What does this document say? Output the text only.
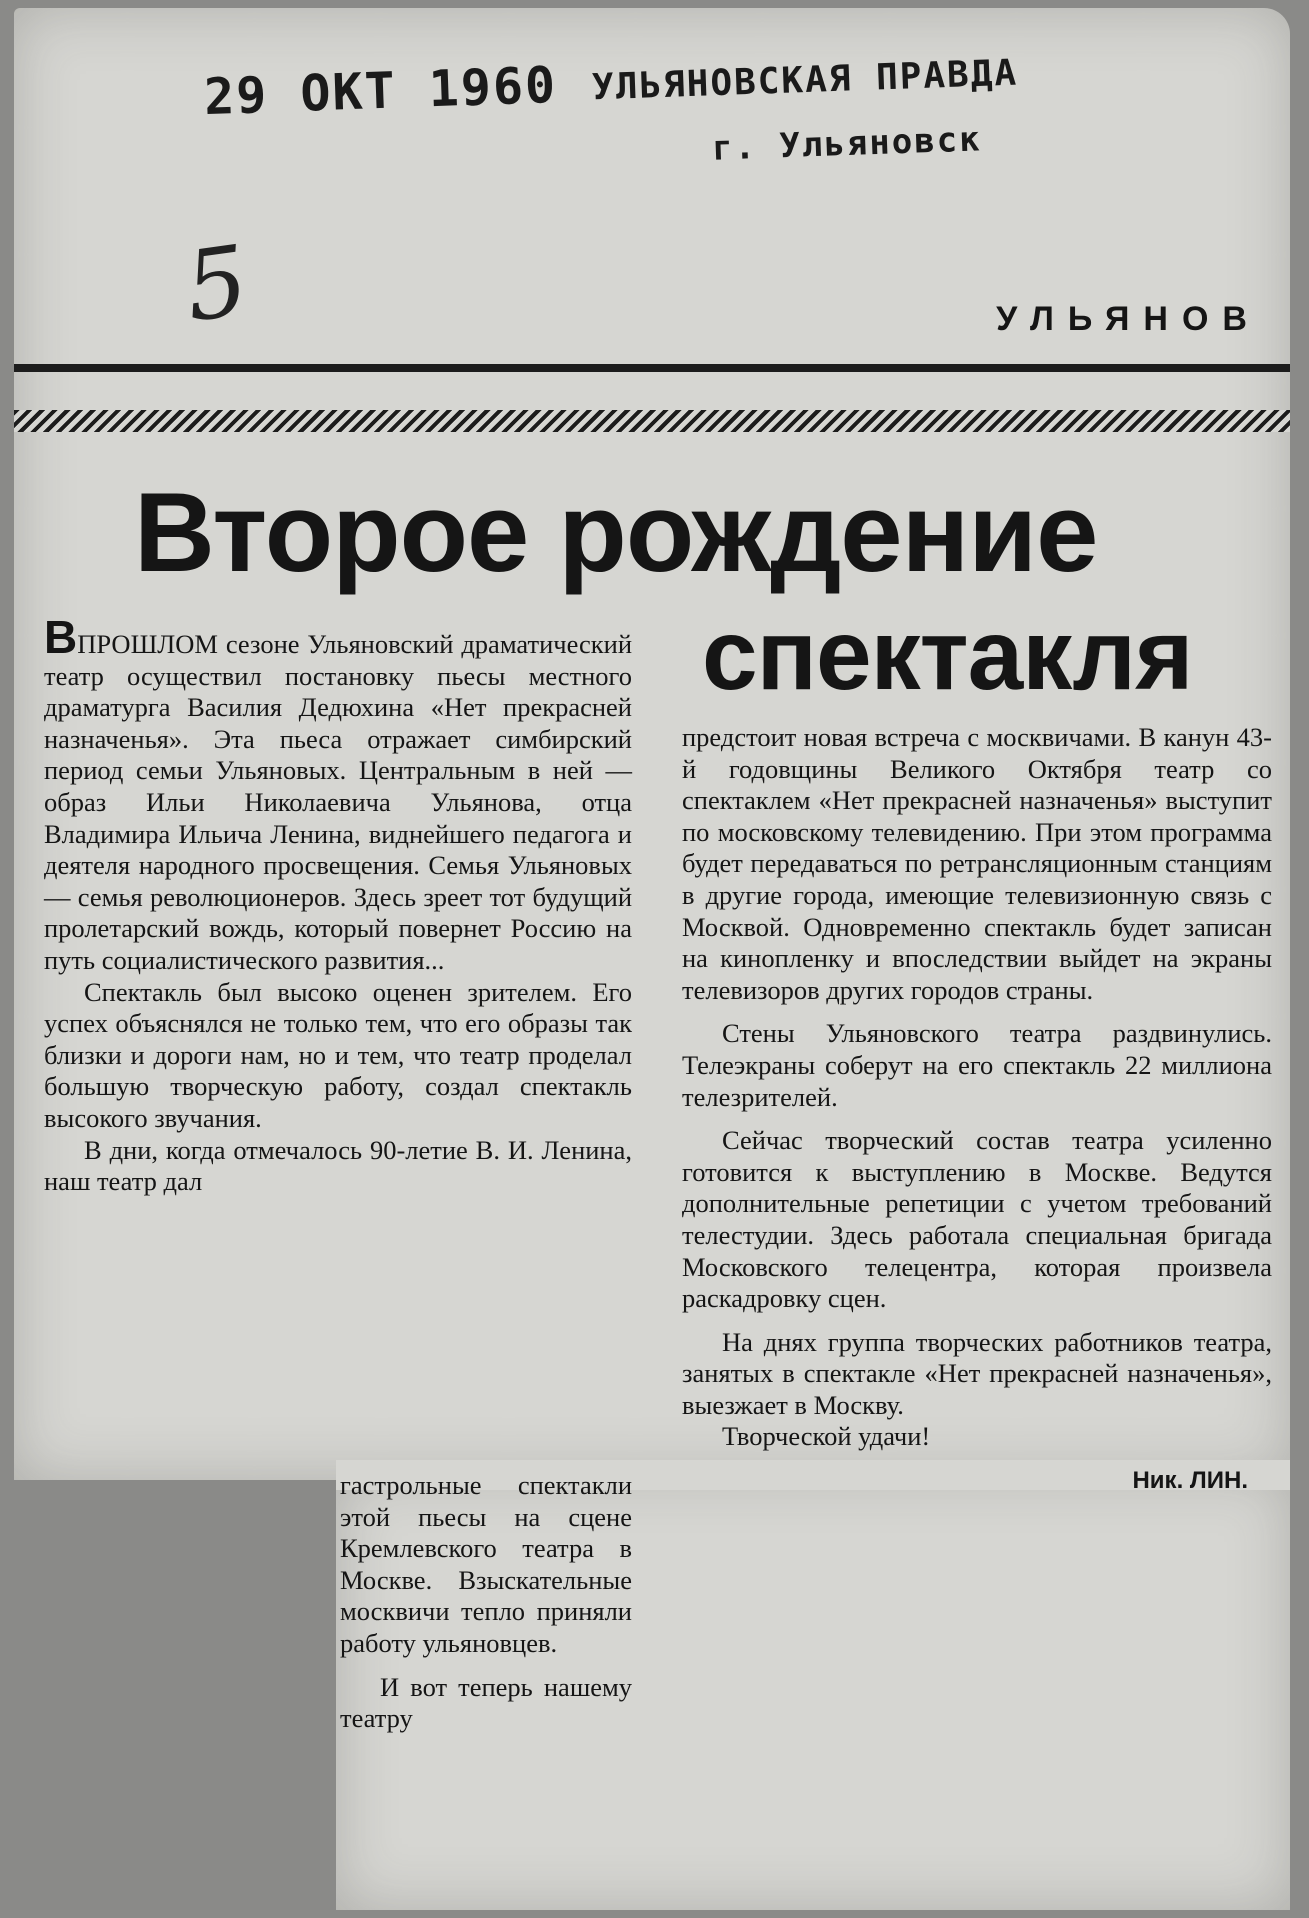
29 ОКТ 1960 УЛЬЯНОВСКАЯ ПРАВДА
г. Ульяновск
5	УЛЬЯНОВ
Второе рождение
спектакля

ВПРОШЛОМ сезоне Ульяновский драматический театр осуществил постановку пьесы местного драматурга Василия Дедюхина «Нет прекрасней назначенья». Эта пьеса отражает симбирский период семьи Ульяновых. Центральным в ней — образ Ильи Николаевича Ульянова, отца Владимира Ильича Ленина, виднейшего педагога и деятеля народного просвещения. Семья Ульяновых — семья революционеров. Здесь зреет тот будущий пролетарский вождь, который повернет Россию на путь социалистического развития...

Спектакль был высоко оценен зрителем. Его успех объяснялся не только тем, что его образы так близки и дороги нам, но и тем, что театр проделал большую творческую работу, создал спектакль высокого звучания.

В дни, когда отмечалось 90-летие В. И. Ленина, наш театр дал

гастрольные спектакли этой пьесы на сцене Кремлевского театра в Москве. Взыскательные москвичи тепло приняли работу ульяновцев.

И вот теперь нашему театру

предстоит новая встреча с москвичами. В канун 43-й годовщины Великого Октября театр со спектаклем «Нет прекрасней назначенья» выступит по московскому телевидению. При этом программа будет передаваться по ретрансляционным станциям в другие города, имеющие телевизионную связь с Москвой. Одновременно спектакль будет записан на кинопленку и впоследствии выйдет на экраны телевизоров других городов страны.

Стены Ульяновского театра раздвинулись. Телеэкраны соберут на его спектакль 22 миллиона телезрителей.

Сейчас творческий состав театра усиленно готовится к выступлению в Москве. Ведутся дополнительные репетиции с учетом требований телестудии. Здесь работала специальная бригада Московского телецентра, которая произвела раскадровку сцен.

На днях группа творческих работников театра, занятых в спектакле «Нет прекрасней назначенья», выезжает в Москву.

Творческой удачи!

Ник. ЛИН.
